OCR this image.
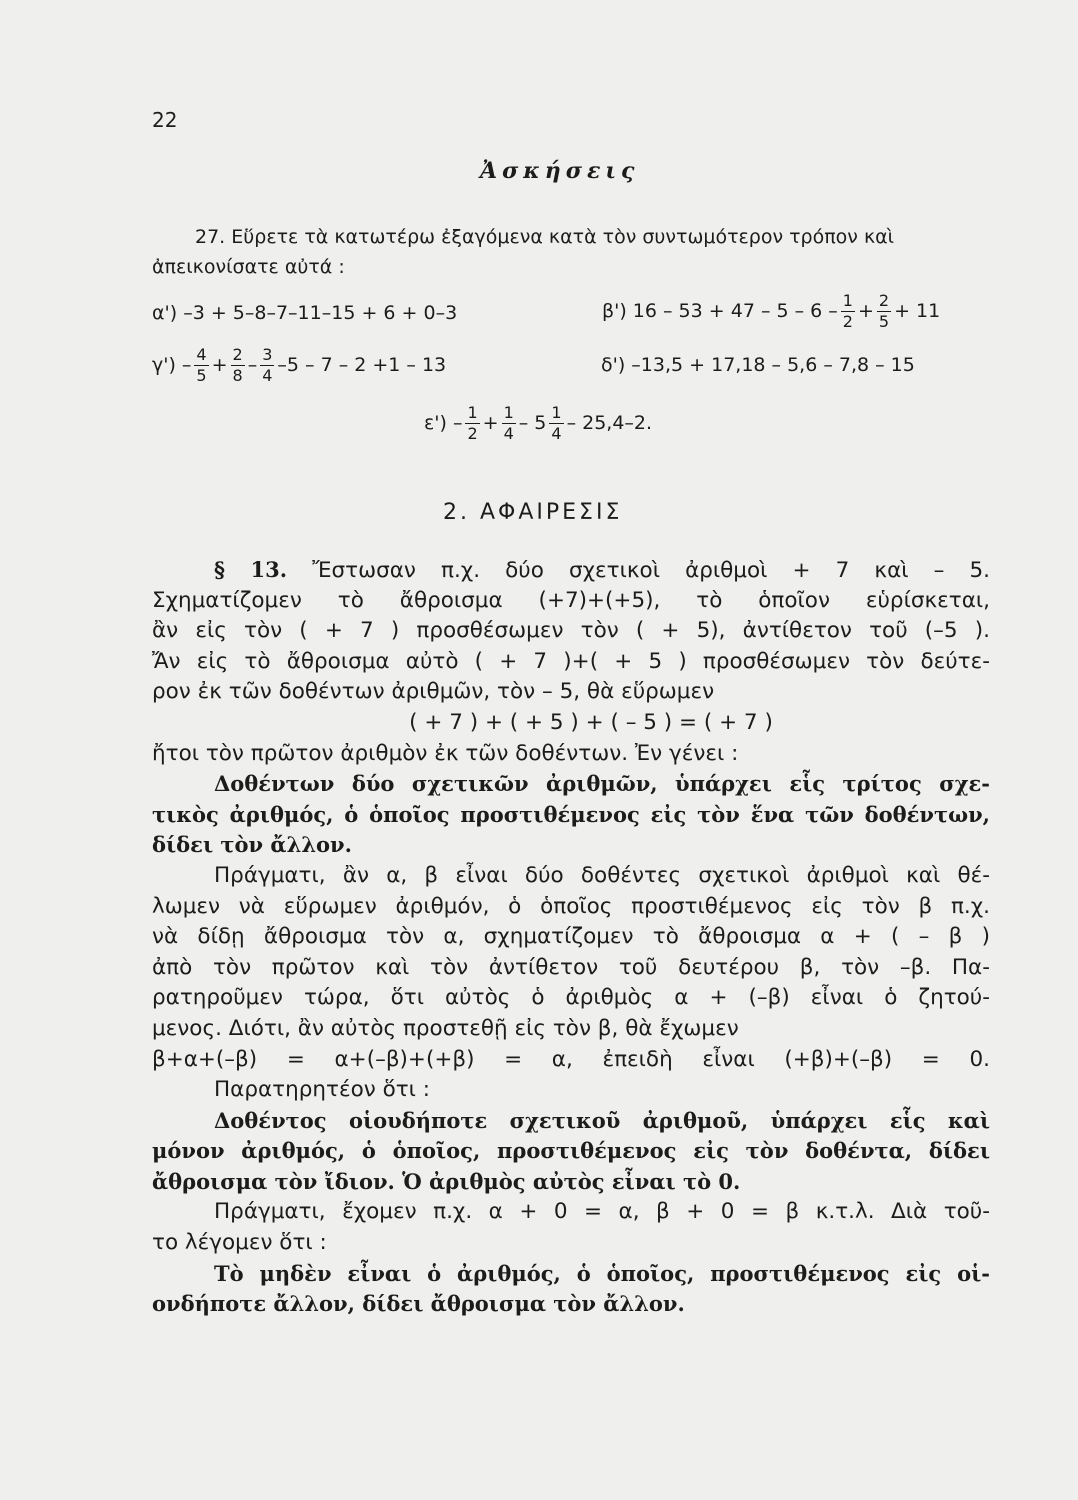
22
Ἀσκήσεις
27. Εὕρετε τὰ κατωτέρω ἐξαγόμενα κατὰ τὸν συντωμότερον τρόπον καὶ
ἀπεικονίσατε αὐτά :
α') –3 + 5–8–7–11–15 + 6 + 0–3	β') $16 - 53 + 47 - 5 - 6 - \frac{1}{2} + \frac{2}{5} + 11$
$\gamma') - \frac{4}{5} + \frac{2}{8} - \frac{3}{4} -5 - 7 - 2 +1 - 13$	δ') –13,5 + 17,18 – 5,6 – 7,8 – 15
$\varepsilon') - \frac{1}{2} + \frac{1}{4} - 5 \frac{1}{4} - 25,4-2$.
2. ΑΦΑΙΡΕΣΙΣ
§ 13. Ἔστωσαν π.χ. δύο σχετικοὶ ἀριθμοὶ + 7 καὶ – 5.
Σχηματίζομεν τὸ ἄθροισμα (+7)+(+5), τὸ ὁποῖον εὑρίσκεται,
ἂν εἰς τὸν ( + 7 ) προσθέσωμεν τὸν ( + 5), ἀντίθετον τοῦ (–5 ).
Ἄν εἰς τὸ ἄθροισμα αὐτὸ ( + 7 )+( + 5 ) προσθέσωμεν τὸν δεύτε-
ρον ἐκ τῶν δοθέντων ἀριθμῶν, τὸν – 5, θὰ εὕρωμεν
( + 7 ) + ( + 5 ) + ( – 5 ) = ( + 7 )
ἤτοι τὸν πρῶτον ἀριθμὸν ἐκ τῶν δοθέντων. Ἐν γένει :
Δοθέντων δύο σχετικῶν ἀριθμῶν, ὑπάρχει εἷς τρίτος σχε-
τικὸς ἀριθμός, ὁ ὁποῖος προστιθέμενος εἰς τὸν ἕνα τῶν δοθέντων,
δίδει τὸν ἄλλον.
Πράγματι, ἂν α, β εἶναι δύο δοθέντες σχετικοὶ ἀριθμοὶ καὶ θέ-
λωμεν νὰ εὕρωμεν ἀριθμόν, ὁ ὁποῖος προστιθέμενος εἰς τὸν β π.χ.
νὰ δίδῃ ἄθροισμα τὸν α, σχηματίζομεν τὸ ἄθροισμα α + ( – β )
ἀπὸ τὸν πρῶτον καὶ τὸν ἀντίθετον τοῦ δευτέρου β, τὸν –β. Πα-
ρατηροῦμεν τώρα, ὅτι αὐτὸς ὁ ἀριθμὸς α + (–β) εἶναι ὁ ζητού-
μενος. Διότι, ἂν αὐτὸς προστεθῇ εἰς τὸν β, θὰ ἔχωμεν
β+α+(–β) = α+(–β)+(+β) = α, ἐπειδὴ εἶναι (+β)+(–β) = 0.
Παρατηρητέον ὅτι :
Δοθέντος οἱουδήποτε σχετικοῦ ἀριθμοῦ, ὑπάρχει εἷς καὶ
μόνον ἀριθμός, ὁ ὁποῖος, προστιθέμενος εἰς τὸν δοθέντα, δίδει
ἄθροισμα τὸν ἴδιον. Ὁ ἀριθμὸς αὐτὸς εἶναι τὸ 0.
Πράγματι, ἔχομεν π.χ. α + 0 = α, β + 0 = β κ.τ.λ. Διὰ τοῦ-
το λέγομεν ὅτι :
Τὸ μηδὲν εἶναι ὁ ἀριθμός, ὁ ὁποῖος, προστιθέμενος εἰς οἱ-
ονδήποτε ἄλλον, δίδει ἄθροισμα τὸν ἄλλον.
